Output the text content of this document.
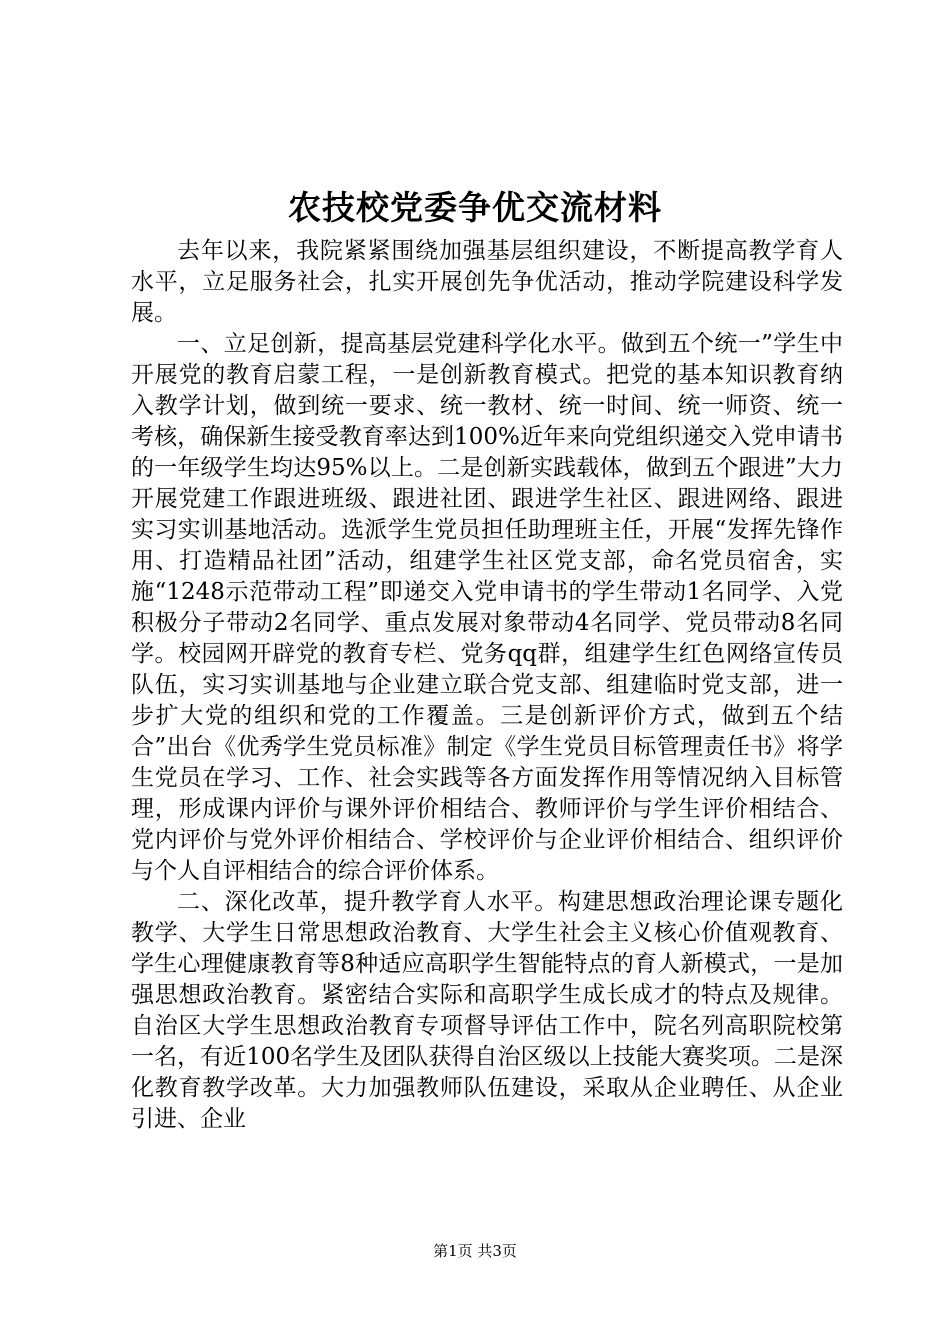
农技校党委争优交流材料

去年以来，我院紧紧围绕加强基层组织建设，不断提高教学育人水平，立足服务社会，扎实开展创先争优活动，推动学院建设科学发展。

一、立足创新，提高基层党建科学化水平。做到五个统一”学生中开展党的教育启蒙工程，一是创新教育模式。把党的基本知识教育纳入教学计划，做到统一要求、统一教材、统一时间、统一师资、统一考核，确保新生接受教育率达到100%近年来向党组织递交入党申请书的一年级学生均达95%以上。二是创新实践载体，做到五个跟进”大力开展党建工作跟进班级、跟进社团、跟进学生社区、跟进网络、跟进实习实训基地活动。选派学生党员担任助理班主任，开展“发挥先锋作用、打造精品社团”活动，组建学生社区党支部，命名党员宿舍，实施“1248示范带动工程”即递交入党申请书的学生带动1名同学、入党积极分子带动2名同学、重点发展对象带动4名同学、党员带动8名同学。校园网开辟党的教育专栏、党务qq群，组建学生红色网络宣传员队伍，实习实训基地与企业建立联合党支部、组建临时党支部，进一步扩大党的组织和党的工作覆盖。三是创新评价方式，做到五个结合”出台《优秀学生党员标准》制定《学生党员目标管理责任书》将学生党员在学习、工作、社会实践等各方面发挥作用等情况纳入目标管理，形成课内评价与课外评价相结合、教师评价与学生评价相结合、党内评价与党外评价相结合、学校评价与企业评价相结合、组织评价与个人自评相结合的综合评价体系。

二、深化改革，提升教学育人水平。构建思想政治理论课专题化教学、大学生日常思想政治教育、大学生社会主义核心价值观教育、学生心理健康教育等8种适应高职学生智能特点的育人新模式，一是加强思想政治教育。紧密结合实际和高职学生成长成才的特点及规律。自治区大学生思想政治教育专项督导评估工作中，院名列高职院校第一名，有近100名学生及团队获得自治区级以上技能大赛奖项。二是深化教育教学改革。大力加强教师队伍建设，采取从企业聘任、从企业引进、企业

第1页 共3页
